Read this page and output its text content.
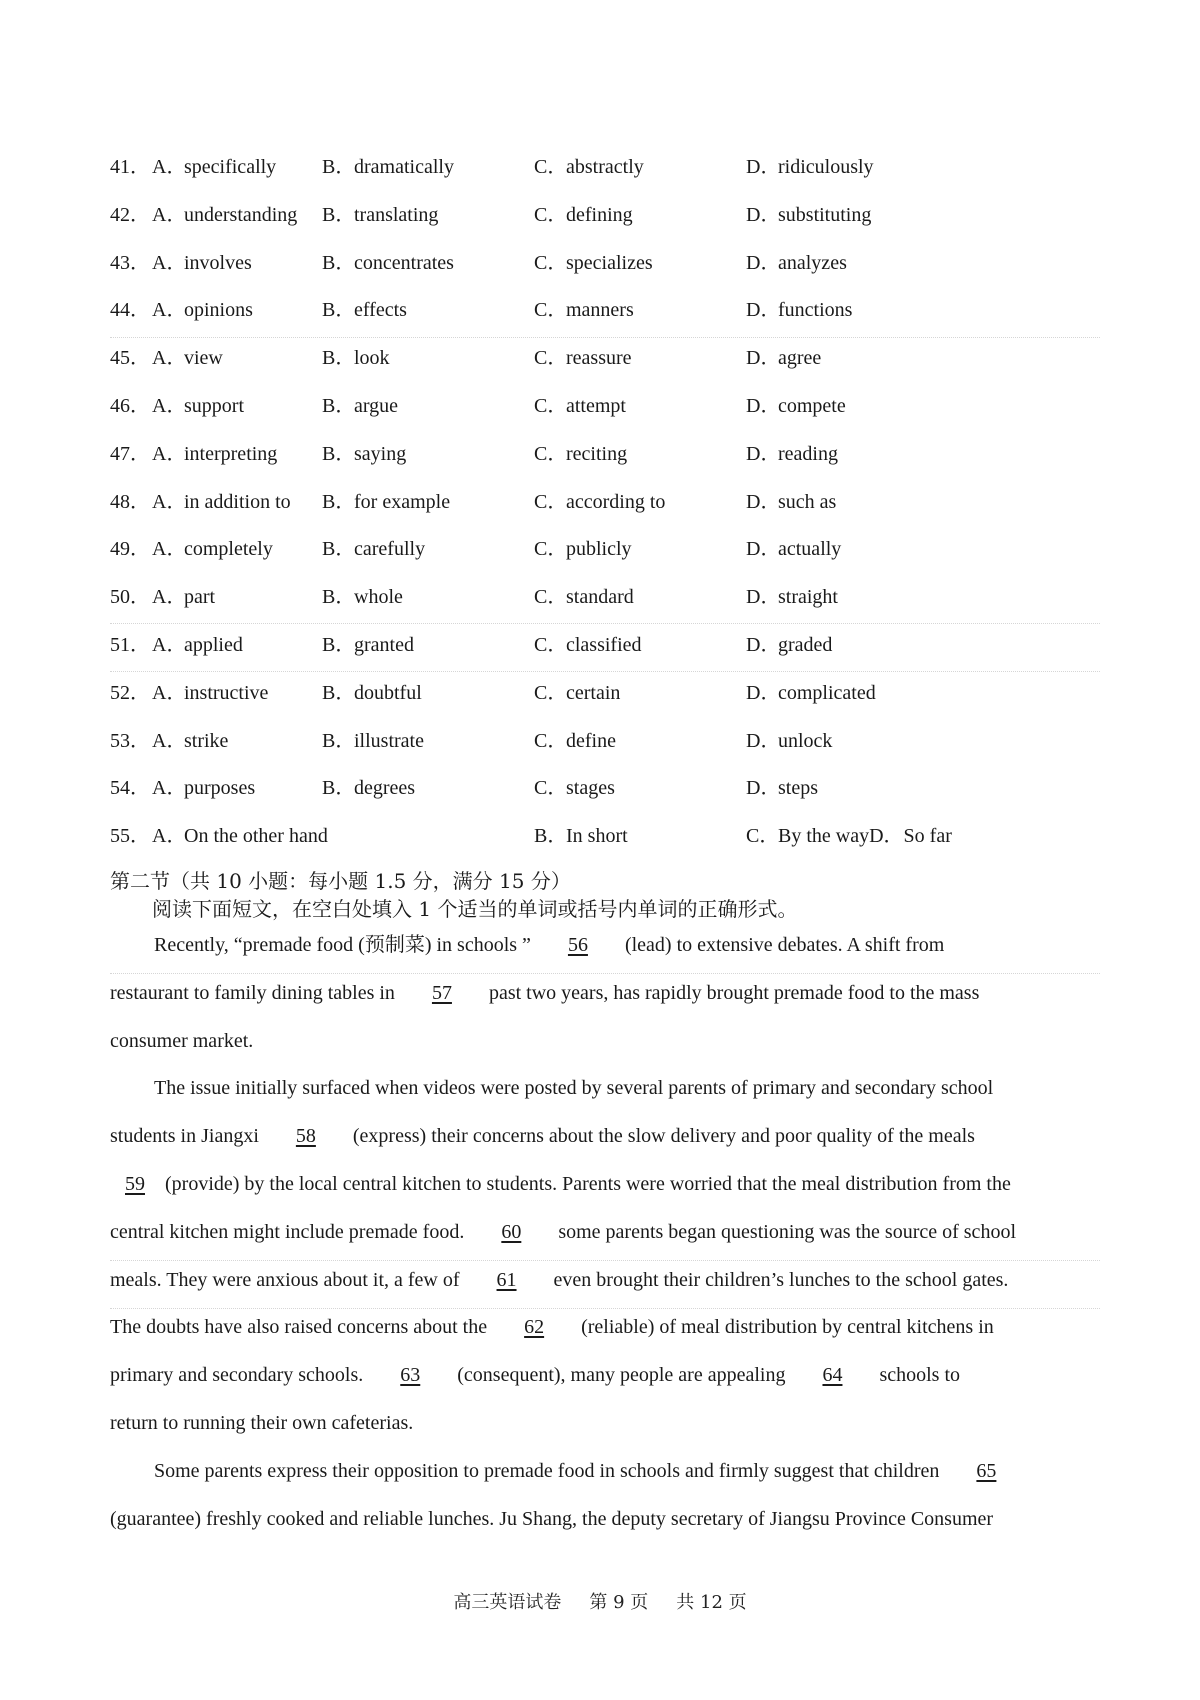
41． A．specifically B．dramatically	C．abstractly	D．ridiculously
42． A．understanding B．translating	C．defining	D．substituting
43． A．involves	B．concentrates	C．specializes	D．analyzes
44． A．opinions	B．effects	C．manners	D．functions
45． A．view	B．look	C．reassure	D．agree
46． A．support	B．argue	C．attempt	D．compete
47． A．interpreting B．saying	C．reciting	D．reading
48． A．in addition to B．for example	C．according to	D．such as
49． A．completely B．carefully	C．publicly	D．actually
50． A．part	B．whole	C．standard	D．straight
51． A．applied	B．granted	C．classified	D．graded
52． A．instructive	B．doubtful	C．certain	D．complicated
53． A．strike	B．illustrate	C．define	D．unlock
54． A．purposes	B．degrees	C．stages	D．steps
55． A．On the other hand	B．In short	C．By the wayD．So far
第二节（共 10 小题：每小题 1.5 分，满分 15 分）
阅读下面短文，在空白处填入 1 个适当的单词或括号内单词的正确形式。
Recently, “premade food (预制菜) in schools ” 56 (lead) to extensive debates. A shift from
restaurant to family dining tables in 57 past two years, has rapidly brought premade food to the mass
consumer market.
The issue initially surfaced when videos were posted by several parents of primary and secondary school
students in Jiangxi 58 (express) their concerns about the slow delivery and poor quality of the meals
59 (provide) by the local central kitchen to students. Parents were worried that the meal distribution from the
central kitchen might include premade food. 60 some parents began questioning was the source of school
meals. They were anxious about it, a few of 61 even brought their children’s lunches to the school gates.
The doubts have also raised concerns about the 62 (reliable) of meal distribution by central kitchens in
primary and secondary schools. 63 (consequent), many people are appealing 64 schools to
return to running their own cafeterias.
Some parents express their opposition to premade food in schools and firmly suggest that children 65
(guarantee) freshly cooked and reliable lunches. Ju Shang, the deputy secretary of Jiangsu Province Consumer
高三英语试卷 第 9 页 共 12 页
